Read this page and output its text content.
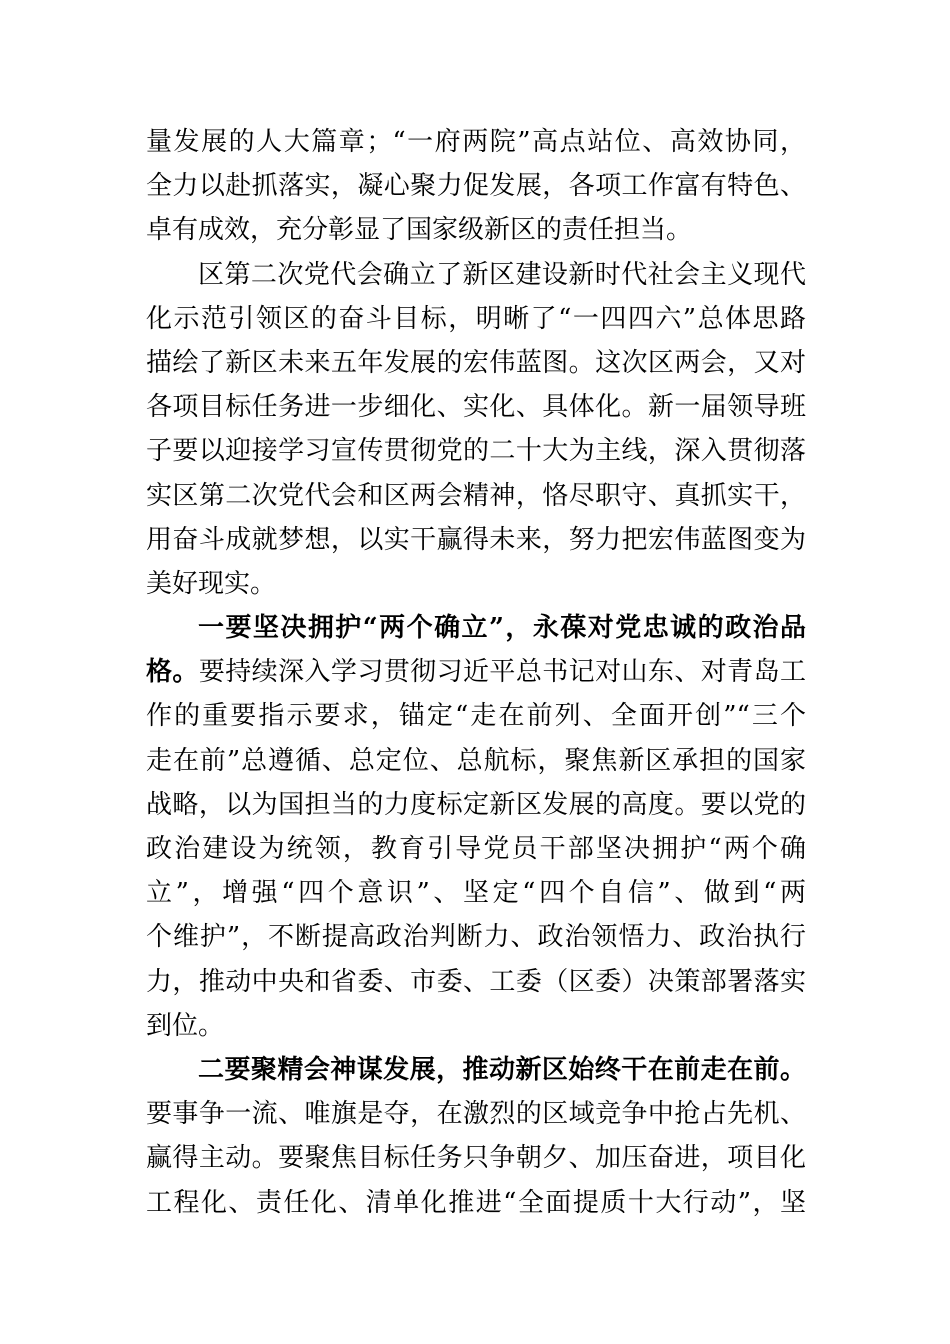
量发展的人大篇章；“一府两院”高点站位、高效协同，
全力以赴抓落实，凝心聚力促发展，各项工作富有特色、
卓有成效，充分彰显了国家级新区的责任担当。
区第二次党代会确立了新区建设新时代社会主义现代
化示范引领区的奋斗目标，明晰了“一四四六”总体思路
描绘了新区未来五年发展的宏伟蓝图。这次区两会，又对
各项目标任务进一步细化、实化、具体化。新一届领导班
子要以迎接学习宣传贯彻党的二十大为主线，深入贯彻落
实区第二次党代会和区两会精神，恪尽职守、真抓实干，
用奋斗成就梦想，以实干赢得未来，努力把宏伟蓝图变为
美好现实。
一要坚决拥护“两个确立”，永葆对党忠诚的政治品
格。要持续深入学习贯彻习近平总书记对山东、对青岛工
作的重要指示要求，锚定“走在前列、全面开创”“三个
走在前”总遵循、总定位、总航标，聚焦新区承担的国家
战略，以为国担当的力度标定新区发展的高度。要以党的
政治建设为统领，教育引导党员干部坚决拥护“两个确
立”，增强“四个意识”、坚定“四个自信”、做到“两
个维护”，不断提高政治判断力、政治领悟力、政治执行
力，推动中央和省委、市委、工委（区委）决策部署落实
到位。
二要聚精会神谋发展，推动新区始终干在前走在前。
要事争一流、唯旗是夺，在激烈的区域竞争中抢占先机、
赢得主动。要聚焦目标任务只争朝夕、加压奋进，项目化
工程化、责任化、清单化推进“全面提质十大行动”，坚
